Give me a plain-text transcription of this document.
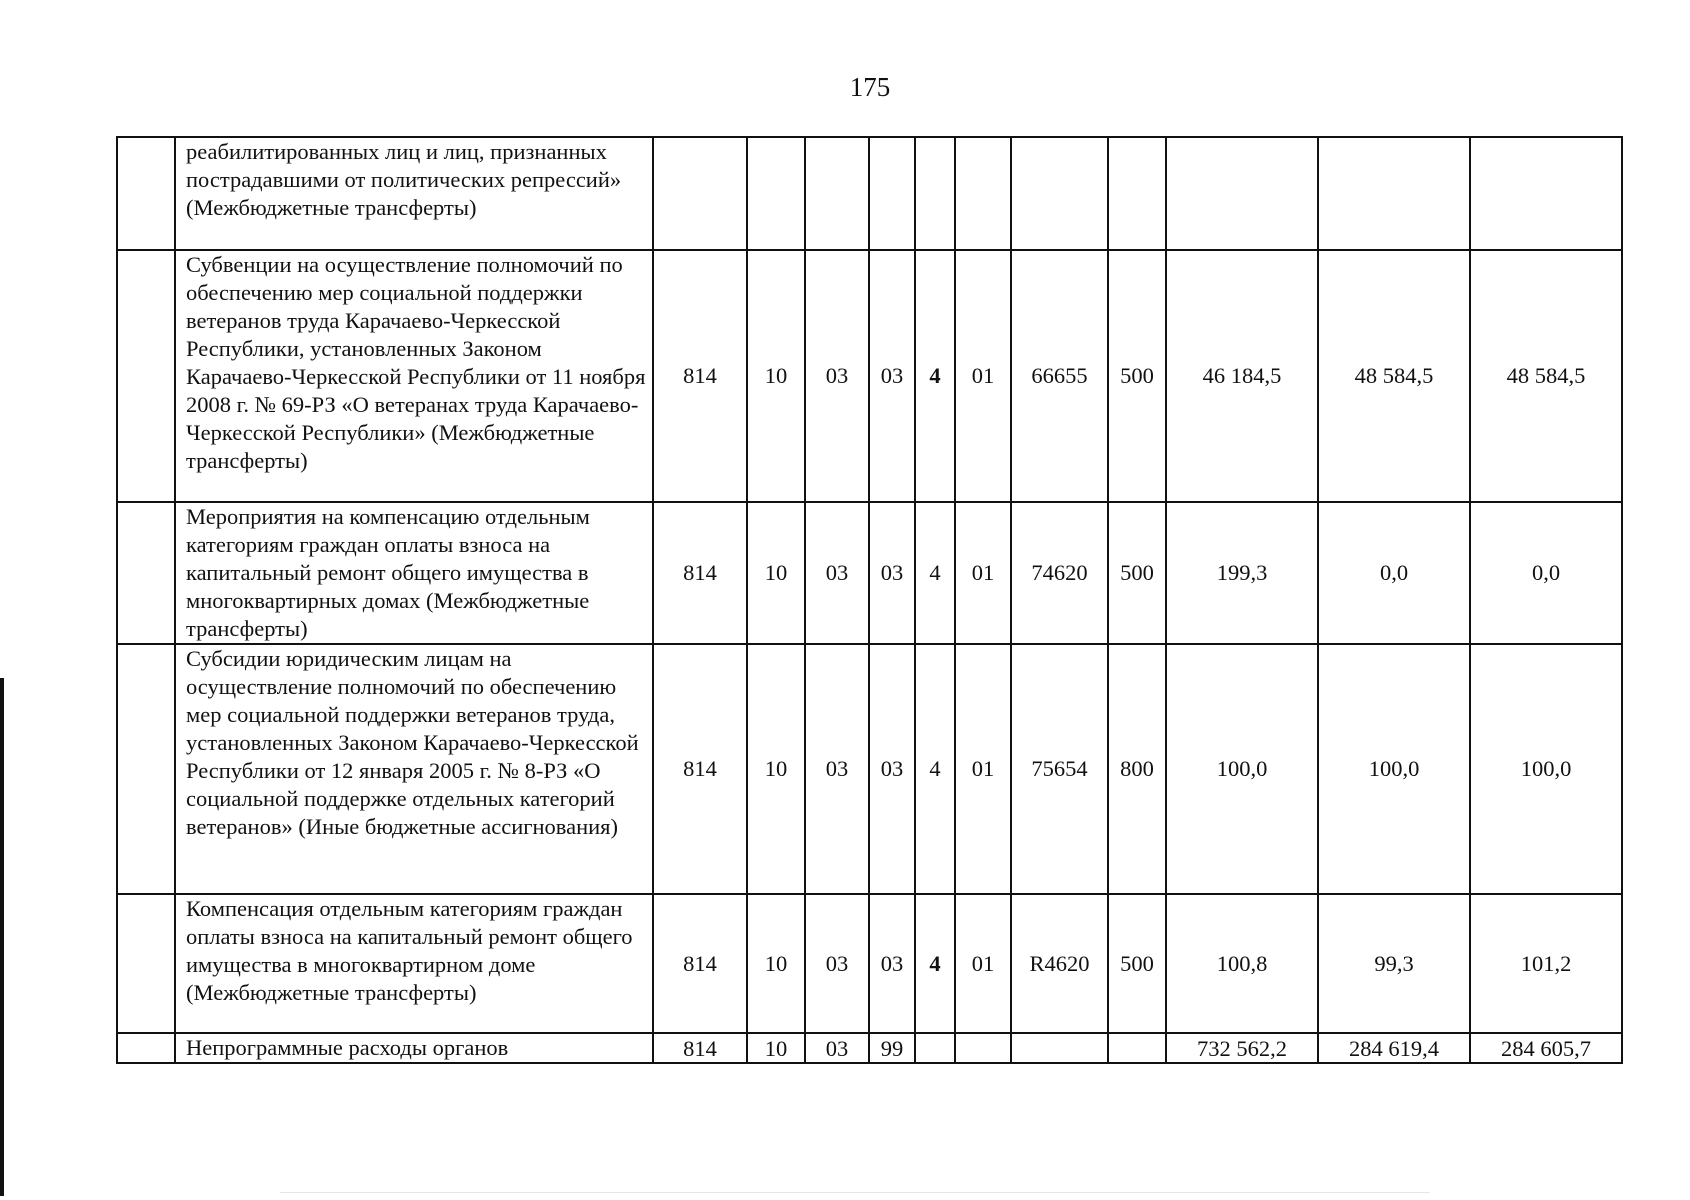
175
	реабилитированных лиц и лиц, признанных пострадавшими от политических репрессий» (Межбюджетные трансферты)											
	Субвенции на осуществление полномочий по обеспечению мер социальной поддержки ветеранов труда Карачаево-Черкесской Республики, установленных Законом Карачаево-Черкесской Республики от 11 ноября 2008 г. № 69-РЗ «О ветеранах труда Карачаево-Черкесской Республики» (Межбюджетные трансферты)	814	10	03	03	4	01	66655	500	46 184,5	48 584,5	48 584,5
	Мероприятия на компенсацию отдельным категориям граждан оплаты взноса на капитальный ремонт общего имущества в многоквартирных домах (Межбюджетные трансферты)	814	10	03	03	4	01	74620	500	199,3	0,0	0,0
	Субсидии юридическим лицам на осуществление полномочий по обеспечению мер социальной поддержки ветеранов труда, установленных Законом Карачаево-Черкесской Республики от 12 января 2005 г. № 8-РЗ «О социальной поддержке отдельных категорий ветеранов» (Иные бюджетные ассигнования)	814	10	03	03	4	01	75654	800	100,0	100,0	100,0
	Компенсация отдельным категориям граждан оплаты взноса на капитальный ремонт общего имущества в многоквартирном доме (Межбюджетные трансферты)	814	10	03	03	4	01	R4620	500	100,8	99,3	101,2
	Непрограммные расходы органов	814	10	03	99					732 562,2	284 619,4	284 605,7
